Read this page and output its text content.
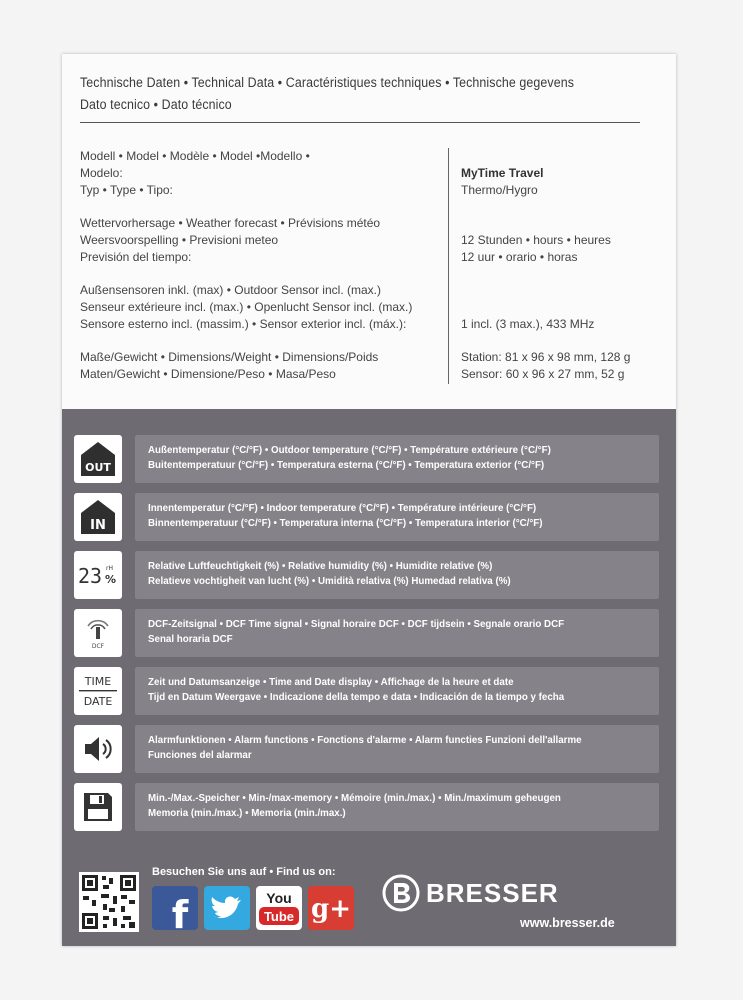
Technische Daten • Technical Data • Caractéristiques techniques • Technische gegevens
Dato tecnico • Dato técnico
Modell • Model • Modèle • Model •Modello •
Modelo:
Typ • Type • Tipo:
MyTime Travel
Thermo/Hygro
Wettervorhersage • Weather forecast • Prévisions météo
Weersvoorspelling • Previsioni meteo
Previsión del tiempo:
12 Stunden • hours • heures
12 uur • orario • horas
Außensensoren inkl. (max) • Outdoor Sensor incl. (max.)
Senseur extérieure incl. (max.) • Openlucht Sensor incl. (max.)
Sensore esterno incl. (massim.) • Sensor exterior incl. (máx.):	1 incl. (3 max.), 433 MHz
Maße/Gewicht • Dimensions/Weight • Dimensions/Poids
Maten/Gewicht • Dimensione/Peso • Masa/Peso
Station: 81 x 96 x 98 mm, 128 g
Sensor: 60 x 96 x 27 mm, 52 g
OUT
Außentemperatur (°C/°F) • Outdoor temperature (°C/°F) • Température extérieure (°C/°F)
Buitentemperatuur (°C/°F) • Temperatura esterna (°C/°F) • Temperatura exterior (°C/°F)
IN
Innentemperatur (°C/°F) • Indoor temperature (°C/°F) • Température intérieure (°C/°F)
Binnentemperatuur (°C/°F) • Temperatura interna (°C/°F) • Temperatura interior (°C/°F)
23 rH
%
Relative Luftfeuchtigkeit (%) • Relative humidity (%) • Humidite relative (%)
Relatieve vochtigheit van lucht (%) • Umidità relativa (%) Humedad relativa (%)
DCF
DCF-Zeitsignal • DCF Time signal • Signal horaire DCF • DCF tijdsein • Segnale orario DCF
Senal horaria DCF
TIME
DATE
Zeit und Datumsanzeige • Time and Date display • Affichage de la heure et date
Tijd en Datum Weergave • Indicazione della tempo e data • Indicación de la tiempo y fecha
Alarmfunktionen • Alarm functions • Fonctions d'alarme • Alarm functies Funzioni dell'allarme
Funciones del alarmar
Min.-/Max.-Speicher • Min-/max-memory • Mémoire (min./max.) • Min./maximum geheugen
Memoria (min./max.) • Memoria (min./max.)
Besuchen Sie uns auf • Find us on:
f	You
Tube g+
BRESSER
www.bresser.de
